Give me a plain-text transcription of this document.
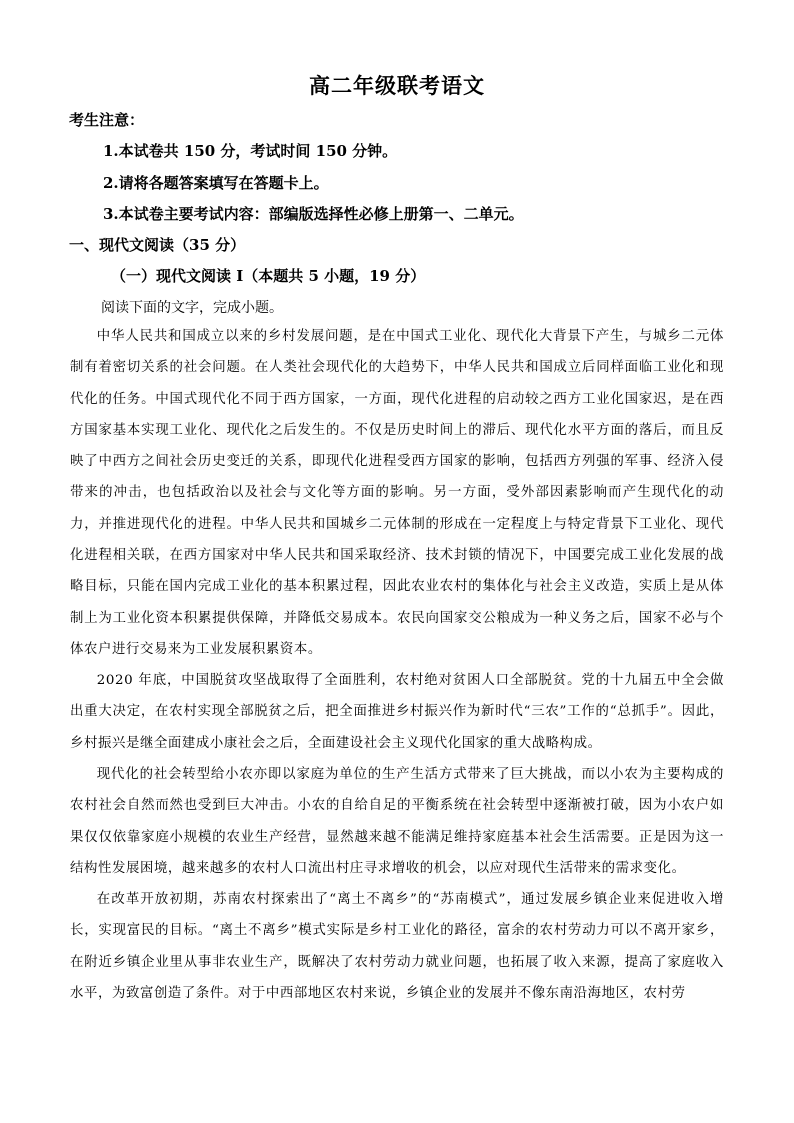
高二年级联考语文
考生注意：
1.本试卷共 150 分，考试时间 150 分钟。
2.请将各题答案填写在答题卡上。
3.本试卷主要考试内容：部编版选择性必修上册第一、二单元。
一、现代文阅读（35 分）
（一）现代文阅读 I（本题共 5 小题，19 分）
阅读下面的文字，完成小题。

中华人民共和国成立以来的乡村发展问题，是在中国式工业化、现代化大背景下产生，与城乡二元体制有着密切关系的社会问题。在人类社会现代化的大趋势下，中华人民共和国成立后同样面临工业化和现代化的任务。中国式现代化不同于西方国家，一方面，现代化进程的启动较之西方工业化国家迟，是在西方国家基本实现工业化、现代化之后发生的。不仅是历史时间上的滞后、现代化水平方面的落后，而且反映了中西方之间社会历史变迁的关系，即现代化进程受西方国家的影响，包括西方列强的军事、经济入侵带来的冲击，也包括政治以及社会与文化等方面的影响。另一方面，受外部因素影响而产生现代化的动力，并推进现代化的进程。中华人民共和国城乡二元体制的形成在一定程度上与特定背景下工业化、现代化进程相关联，在西方国家对中华人民共和国采取经济、技术封锁的情况下，中国要完成工业化发展的战略目标，只能在国内完成工业化的基本积累过程，因此农业农村的集体化与社会主义改造，实质上是从体制上为工业化资本积累提供保障，并降低交易成本。农民向国家交公粮成为一种义务之后，国家不必与个体农户进行交易来为工业发展积累资本。

2020 年底，中国脱贫攻坚战取得了全面胜利，农村绝对贫困人口全部脱贫。党的十九届五中全会做出重大决定，在农村实现全部脱贫之后，把全面推进乡村振兴作为新时代“三农”工作的“总抓手”。因此，乡村振兴是继全面建成小康社会之后，全面建设社会主义现代化国家的重大战略构成。

现代化的社会转型给小农亦即以家庭为单位的生产生活方式带来了巨大挑战，而以小农为主要构成的农村社会自然而然也受到巨大冲击。小农的自给自足的平衡系统在社会转型中逐渐被打破，因为小农户如果仅仅依靠家庭小规模的农业生产经营，显然越来越不能满足维持家庭基本社会生活需要。正是因为这一结构性发展困境，越来越多的农村人口流出村庄寻求增收的机会，以应对现代生活带来的需求变化。

在改革开放初期，苏南农村探索出了“离土不离乡”的“苏南模式”，通过发展乡镇企业来促进收入增长，实现富民的目标。“离土不离乡”模式实际是乡村工业化的路径，富余的农村劳动力可以不离开家乡，在附近乡镇企业里从事非农业生产，既解决了农村劳动力就业问题，也拓展了收入来源，提高了家庭收入水平，为致富创造了条件。对于中西部地区农村来说，乡镇企业的发展并不像东南沿海地区，农村劳
